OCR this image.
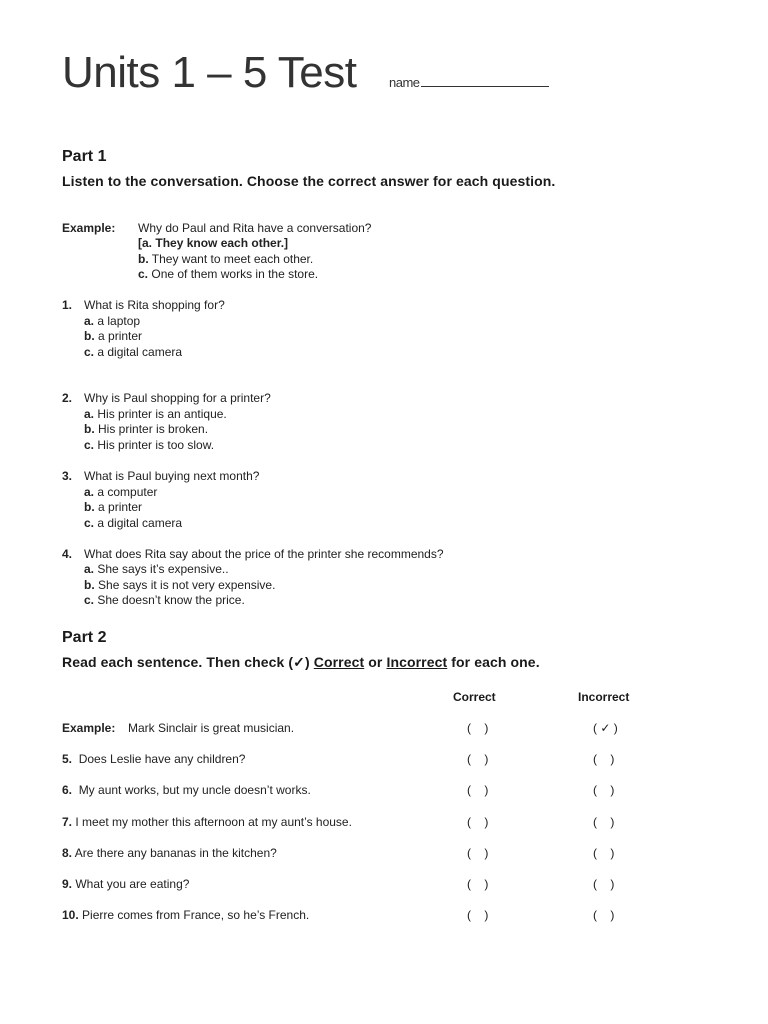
Units 1 – 5 Test	name
Part 1
Listen to the conversation. Choose the correct answer for each question.
Example: Why do Paul and Rita have a conversation?
[a. They know each other.]
b. They want to meet each other.
c. One of them works in the store.
1. What is Rita shopping for?
a. a laptop
b. a printer
c. a digital camera
2. Why is Paul shopping for a printer?
a. His printer is an antique.
b. His printer is broken.
c. His printer is too slow.
3. What is Paul buying next month?
a. a computer
b. a printer
c. a digital camera
4. What does Rita say about the price of the printer she recommends?
a. She says it’s expensive..
b. She says it is not very expensive.
c. She doesn’t know the price.
Part 2
Read each sentence. Then check (✓) Correct or Incorrect for each one.
Correct	Incorrect
Example: Mark Sinclair is great musician.	(    )	( ✓ )
5. Does Leslie have any children?	(    )	(    )
6. My aunt works, but my uncle doesn’t works.	(    )	(    )
7. I meet my mother this afternoon at my aunt’s house.	(    )	(    )
8. Are there any bananas in the kitchen?	(    )	(    )
9. What you are eating?	(    )	(    )
10. Pierre comes from France, so he’s French.	(    )	(    )
